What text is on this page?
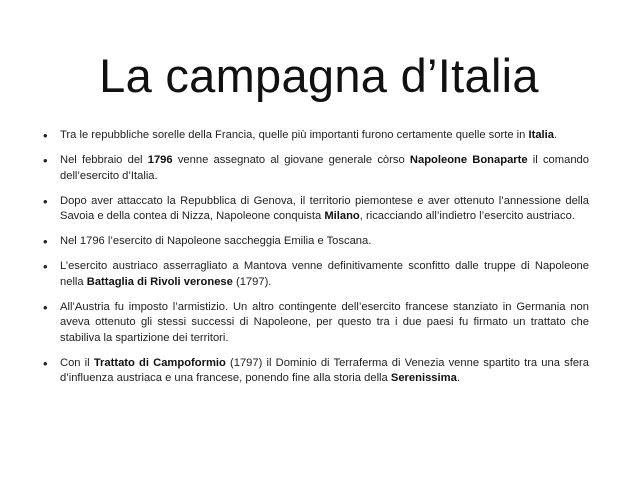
La campagna d’Italia
• Tra le repubbliche sorelle della Francia, quelle più importanti furono certamente quelle sorte in Italia.
• Nel febbraio del 1796 venne assegnato al giovane generale còrso Napoleone Bonaparte il comando dell’esercito d’Italia.
• Dopo aver attaccato la Repubblica di Genova, il territorio piemontese e aver ottenuto l’annessione della Savoia e della contea di Nizza, Napoleone conquista Milano, ricacciando all’indietro l’esercito austriaco.
• Nel 1796 l’esercito di Napoleone saccheggia Emilia e Toscana.
• L’esercito austriaco asserragliato a Mantova venne definitivamente sconfitto dalle truppe di Napoleone nella Battaglia di Rivoli veronese (1797).
• All’Austria fu imposto l’armistizio. Un altro contingente dell’esercito francese stanziato in Germania non aveva ottenuto gli stessi successi di Napoleone, per questo tra i due paesi fu firmato un trattato che stabiliva la spartizione dei territori.
• Con il Trattato di Campoformio (1797) il Dominio di Terraferma di Venezia venne spartito tra una sfera d’influenza austriaca e una francese, ponendo fine alla storia della Serenissima.
